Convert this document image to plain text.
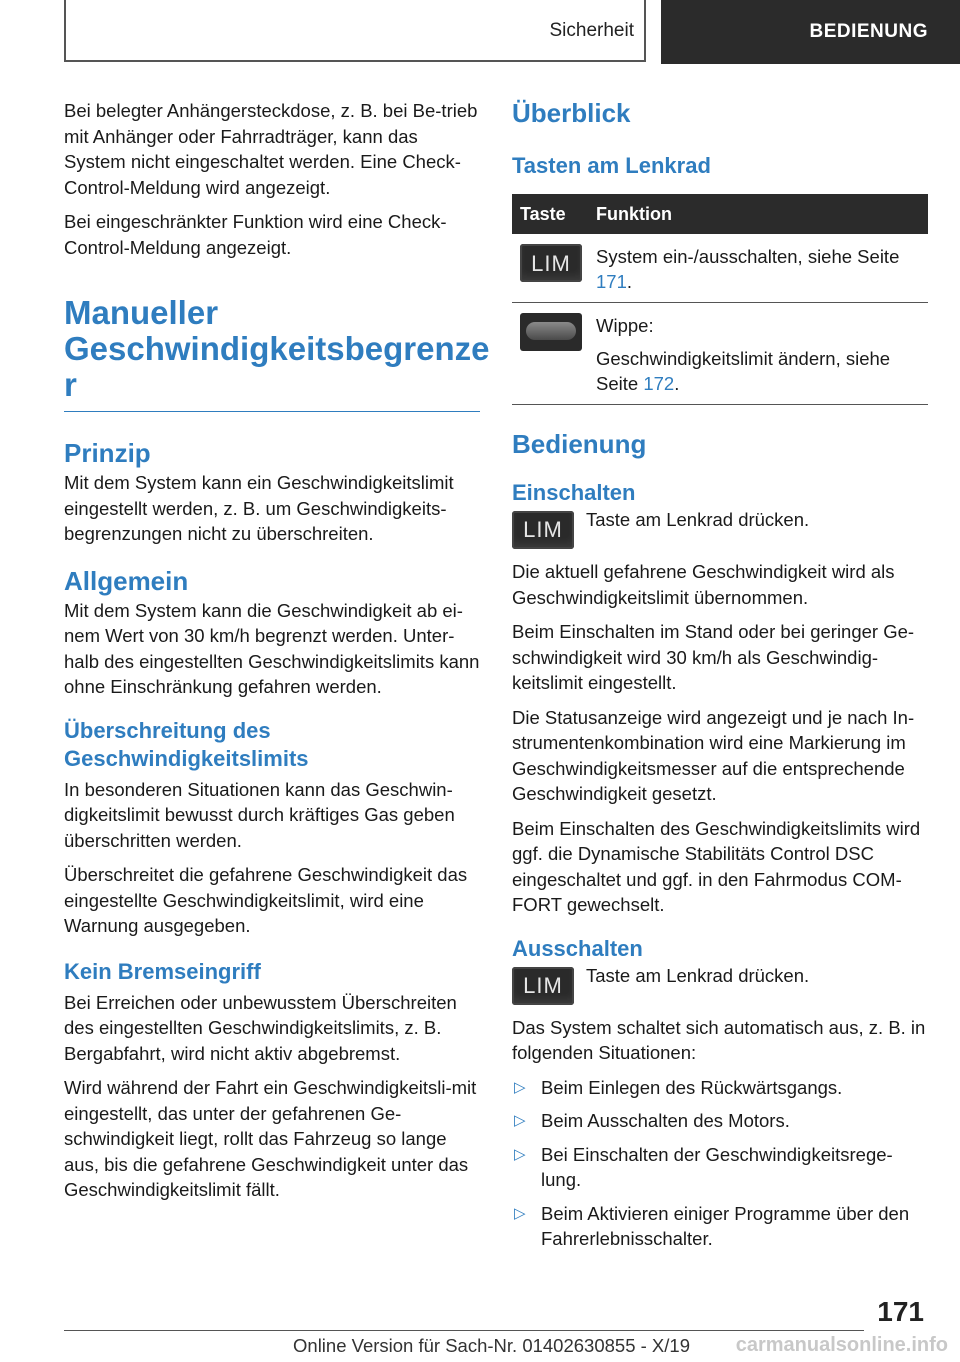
Sicherheit	BEDIENUNG

Bei belegter Anhängersteckdose, z. B. bei Be-trieb mit Anhänger oder Fahrradträger, kann das System nicht eingeschaltet werden. Eine Check-Control-Meldung wird angezeigt.

Bei eingeschränkter Funktion wird eine Check-Control-Meldung angezeigt.

Manueller Geschwindigkeitsbegrenze r
Prinzip

Mit dem System kann ein Geschwindigkeitslimit eingestellt werden, z. B. um Geschwindigkeits-begrenzungen nicht zu überschreiten.

Allgemein

Mit dem System kann die Geschwindigkeit ab ei-nem Wert von 30 km/h begrenzt werden. Unter-halb des eingestellten Geschwindigkeitslimits kann ohne Einschränkung gefahren werden.

Überschreitung des Geschwindigkeitslimits

In besonderen Situationen kann das Geschwin-digkeitslimit bewusst durch kräftiges Gas geben überschritten werden.

Überschreitet die gefahrene Geschwindigkeit das eingestellte Geschwindigkeitslimit, wird eine Warnung ausgegeben.

Kein Bremseingriff

Bei Erreichen oder unbewusstem Überschreiten des eingestellten Geschwindigkeitslimits, z. B. Bergabfahrt, wird nicht aktiv abgebremst.

Wird während der Fahrt ein Geschwindigkeitsli-mit eingestellt, das unter der gefahrenen Ge-schwindigkeit liegt, rollt das Fahrzeug so lange aus, bis die gefahrene Geschwindigkeit unter das Geschwindigkeitslimit fällt.

Überblick
Tasten am Lenkrad
Taste	Funktion

LIM	System ein-/ausschalten, siehe Seite 171.

	Wippe:
Geschwindigkeitslimit ändern, siehe Seite 172.
Bedienung
Einschalten
LIM	Taste am Lenkrad drücken.

Die aktuell gefahrene Geschwindigkeit wird als Geschwindigkeitslimit übernommen.

Beim Einschalten im Stand oder bei geringer Ge-schwindigkeit wird 30 km/h als Geschwindig-keitslimit eingestellt.

Die Statusanzeige wird angezeigt und je nach In-strumentenkombination wird eine Markierung im Geschwindigkeitsmesser auf die entsprechende Geschwindigkeit gesetzt.

Beim Einschalten des Geschwindigkeitslimits wird ggf. die Dynamische Stabilitäts Control DSC eingeschaltet und ggf. in den Fahrmodus COM-FORT gewechselt.

Ausschalten
LIM	Taste am Lenkrad drücken.

Das System schaltet sich automatisch aus, z. B. in folgenden Situationen:

▷ Beim Einlegen des Rückwärtsgangs.
▷ Beim Ausschalten des Motors.
▷ Bei Einschalten der Geschwindigkeitsrege-lung.
▷ Beim Aktivieren einiger Programme über den Fahrerlebnisschalter.
171
Online Version für Sach-Nr. 01402630855 - X/19 carmanualsonline.info
